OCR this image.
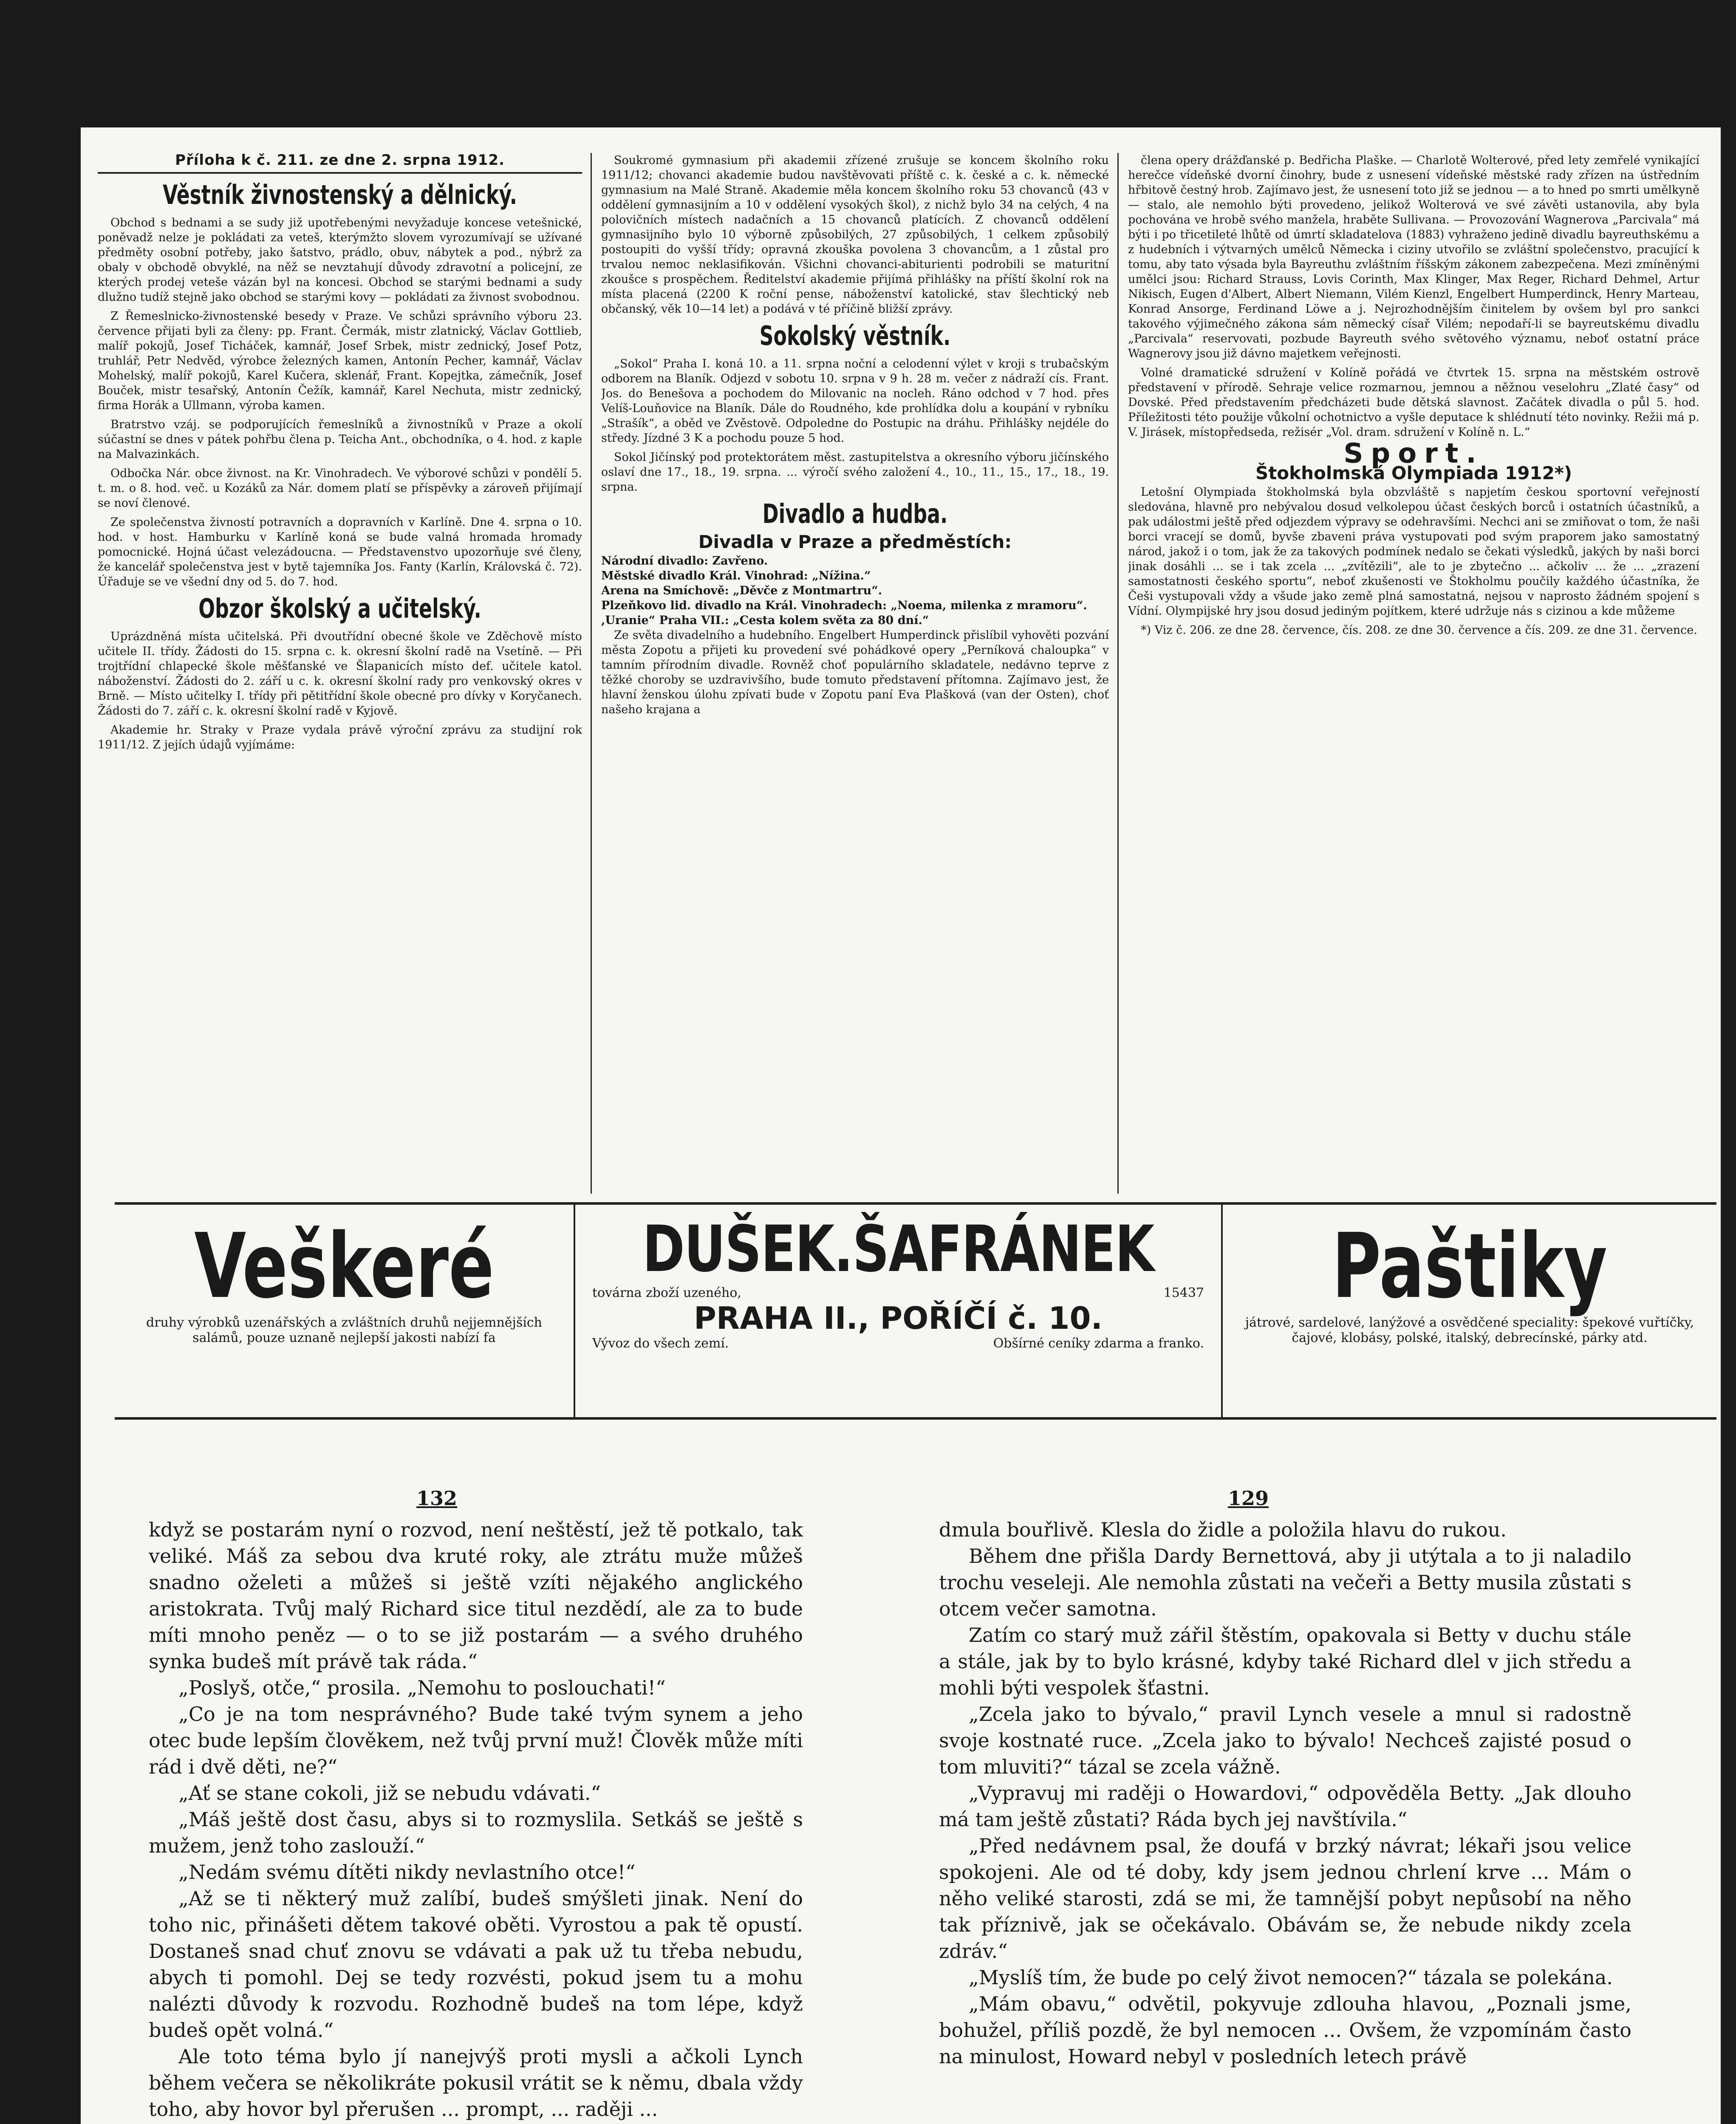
Příloha k č. 211. ze dne 2. srpna 1912.
Věstník živnostenský a dělnický.

Obchod s bednami a se sudy již upotřebenými nevyžaduje koncese vetešnické, poněvadž nelze je pokládati za veteš, kterýmžto slovem vyrozumívají se užívané předměty osobní potřeby, jako šatstvo, prádlo, obuv, nábytek a pod., nýbrž za obaly v obchodě obvyklé, na něž se nevztahují důvody zdravotní a policejní, ze kterých prodej veteše vázán byl na koncesi. Obchod se starými bednami a sudy dlužno tudíž stejně jako obchod se starými kovy — pokládati za živnost svobodnou.

Z Řemeslnicko-živnostenské besedy v Praze. Ve schůzi správního výboru 23. července přijati byli za členy: pp. Frant. Čermák, mistr zlatnický, Václav Gottlieb, malíř pokojů, Josef Ticháček, kamnář, Josef Srbek, mistr zednický, Josef Potz, truhlář, Petr Nedvěd, výrobce železných kamen, Antonín Pecher, kamnář, Václav Mohelský, malíř pokojů, Karel Kučera, sklenář, Frant. Kopejtka, zámečník, Josef Bouček, mistr tesařský, Antonín Čežík, kamnář, Karel Nechuta, mistr zednický, firma Horák a Ullmann, výroba kamen.

Bratrstvo vzáj. se podporujících řemeslníků a živnostníků v Praze a okolí súčastní se dnes v pátek pohřbu člena p. Teicha Ant., obchodníka, o 4. hod. z kaple na Malvazinkách.

Odbočka Nár. obce živnost. na Kr. Vinohradech. Ve výborové schůzi v pondělí 5. t. m. o 8. hod. več. u Kozáků za Nár. domem platí se příspěvky a zároveň přijímají se noví členové.

Ze společenstva živností potravních a dopravních v Karlíně. Dne 4. srpna o 10. hod. v host. Hamburku v Karlíně koná se bude valná hromada hromady pomocnické. Hojná účast velezádoucna. — Představenstvo upozorňuje své členy, že kancelář společenstva jest v bytě tajemníka Jos. Fanty (Karlín, Královská č. 72). Úřaduje se ve všední dny od 5. do 7. hod.

Obzor školský a učitelský.

Uprázdněná místa učitelská. Při dvoutřídní obecné škole ve Zděchově místo učitele II. třídy. Žádosti do 15. srpna c. k. okresní školní radě na Vsetíně. — Při trojtřídní chlapecké škole měšťanské ve Šlapanicích místo def. učitele katol. náboženství. Žádosti do 2. září u c. k. okresní školní rady pro venkovský okres v Brně. — Místo učitelky I. třídy při pětitřídní škole obecné pro dívky v Koryčanech. Žádosti do 7. září c. k. okresní školní radě v Kyjově.

Akademie hr. Straky v Praze vydala právě výroční zprávu za studijní rok 1911/12. Z jejích údajů vyjímáme:

Soukromé gymnasium při akademii zřízené zrušuje se koncem školního roku 1911/12; chovanci akademie budou navštěvovati příště c. k. české a c. k. německé gymnasium na Malé Straně. Akademie měla koncem školního roku 53 chovanců (43 v oddělení gymnasijním a 10 v oddělení vysokých škol), z nichž bylo 34 na celých, 4 na polovičních místech nadačních a 15 chovanců platících. Z chovanců oddělení gymnasijního bylo 10 výborně způsobilých, 27 způsobilých, 1 celkem způsobilý postoupiti do vyšší třídy; opravná zkouška povolena 3 chovancům, a 1 zůstal pro trvalou nemoc neklasifikován. Všichni chovanci-abiturienti podrobili se maturitní zkoušce s prospěchem. Ředitelství akademie přijímá přihlášky na příští školní rok na místa placená (2200 K roční pense, náboženství katolické, stav šlechtický neb občanský, věk 10—14 let) a podává v té příčině bližší zprávy.

Sokolský věstník.

„Sokol“ Praha I. koná 10. a 11. srpna noční a celodenní výlet v kroji s trubačským odborem na Blaník. Odjezd v sobotu 10. srpna v 9 h. 28 m. večer z nádraží cís. Frant. Jos. do Benešova a pochodem do Milovanic na nocleh. Ráno odchod v 7 hod. přes Velíš-Louňovice na Blaník. Dále do Roudného, kde prohlídka dolu a koupání v rybníku „Strašík“, a oběd ve Zvěstově. Odpoledne do Postupic na dráhu. Přihlášky nejdéle do středy. Jízdné 3 K a pochodu pouze 5 hod.

Sokol Jičínský pod protektorátem měst. zastupitelstva a okresního výboru jičínského oslaví dne 17., 18., 19. srpna. ... výročí svého založení 4., 10., 11., 15., 17., 18., 19. srpna.

Divadlo a hudba.
Divadla v Praze a předměstích:

Národní divadlo: Zavřeno.

Městské divadlo Král. Vinohrad: „Nížina.“

Arena na Smíchově: „Děvče z Montmartru“.

Plzeňkovo lid. divadlo na Král. Vinohradech: „Noema, milenka z mramoru“.

,Uranie“ Praha VII.: „Cesta kolem světa za 80 dní.“

Ze světa divadelního a hudebního. Engelbert Humperdinck přislíbil vyhověti pozvání města Zopotu a přijeti ku provedení své pohádkové opery „Perníková chaloupka“ v tamním přírodním divadle. Rovněž choť populárního skladatele, nedávno teprve z těžké choroby se uzdravivšího, bude tomuto představení přítomna. Zajímavo jest, že hlavní ženskou úlohu zpívati bude v Zopotu paní Eva Plašková (van der Osten), choť našeho krajana a

člena opery drážďanské p. Bedřicha Plaške. — Charlotě Wolterové, před lety zemřelé vynikající herečce vídeňské dvorní činohry, bude z usnesení vídeňské městské rady zřízen na ústředním hřbitově čestný hrob. Zajímavo jest, že usnesení toto již se jednou — a to hned po smrti umělkyně — stalo, ale nemohlo býti provedeno, jelikož Wolterová ve své závěti ustanovila, aby byla pochována ve hrobě svého manžela, hraběte Sullivana. — Provozování Wagnerova „Parcivala“ má býti i po třicetileté lhůtě od úmrtí skladatelova (1883) vyhraženo jedině divadlu bayreuthskému a z hudebních i výtvarných umělců Německa i ciziny utvořilo se zvláštní společenstvo, pracující k tomu, aby tato výsada byla Bayreuthu zvláštním říšským zákonem zabezpečena. Mezi zmíněnými umělci jsou: Richard Strauss, Lovis Corinth, Max Klinger, Max Reger, Richard Dehmel, Artur Nikisch, Eugen d'Albert, Albert Niemann, Vilém Kienzl, Engelbert Humperdinck, Henry Marteau, Konrad Ansorge, Ferdinand Löwe a j. Nejrozhodnějším činitelem by ovšem byl pro sankci takového výjimečného zákona sám německý císař Vilém; nepodaří-li se bayreutskému divadlu „Parcivala“ reservovati, pozbude Bayreuth svého světového významu, neboť ostatní práce Wagnerovy jsou již dávno majetkem veřejnosti.

Volné dramatické sdružení v Kolíně pořádá ve čtvrtek 15. srpna na městském ostrově představení v přírodě. Sehraje velice rozmarnou, jemnou a něžnou veselohru „Zlaté časy“ od Dovské. Před představením předcházeti bude dětská slavnost. Začátek divadla o půl 5. hod. Příležitosti této použije vůkolní ochotnictvo a vyšle deputace k shlédnutí této novinky. Režii má p. V. Jirásek, místopředseda, režisér „Vol. dram. sdružení v Kolíně n. L.“

Sport.
Štokholmská Olympiada 1912*)

Letošní Olympiada štokholmská byla obzvláště s napjetím českou sportovní veřejností sledována, hlavně pro nebývalou dosud velkolepou účast českých borců i ostatních účastníků, a pak událostmi ještě před odjezdem výpravy se odehravšími. Nechci ani se zmiňovat o tom, že naši borci vracejí se domů, byvše zbaveni práva vystupovati pod svým praporem jako samostatný národ, jakož i o tom, jak že za takových podmínek nedalo se čekati výsledků, jakých by naši borci jinak dosáhli ... se i tak zcela ... „zvítězili“, ale to je zbytečno ... ačkoliv ... že ... „zrazení samostatnosti českého sportu“, neboť zkušenosti ve Štokholmu poučily každého účastníka, že Češi vystupovali vždy a všude jako země plná samostatná, nejsou v naprosto žádném spojení s Vídní. Olympijské hry jsou dosud jediným pojítkem, které udržuje nás s cizinou a kde můžeme

*) Viz č. 206. ze dne 28. července, čís. 208. ze dne 30. července a čís. 209. ze dne 31. července.

Veškeré
druhy výrobků uzenářských a zvláštních druhů nejjemnějších salámů, pouze uznaně nejlepší jakosti nabízí fa
DUŠEK.ŠAFRÁNEK
továrna zboží uzeného,	15437
PRAHA II., POŘÍČÍ č. 10.
Vývoz do všech zemí.	Obšírné ceníky zdarma a franko.
Paštiky
játrové, sardelové, lanýžové a osvědčené speciality: špekové vuřtíčky, čajové, klobásy, polské, italský, debrecínské, párky atd.
132	129

když se postarám nyní o rozvod, není neštěstí, jež tě potkalo, tak veliké. Máš za sebou dva kruté roky, ale ztrátu muže můžeš snadno oželeti a můžeš si ještě vzíti nějakého anglického aristokrata. Tvůj malý Richard sice titul nezdědí, ale za to bude míti mnoho peněz — o to se již postarám — a svého druhého synka budeš mít právě tak ráda.“

„Poslyš, otče,“ prosila. „Nemohu to poslouchati!“

„Co je na tom nesprávného? Bude také tvým synem a jeho otec bude lepším člověkem, než tvůj první muž! Člověk může míti rád i dvě děti, ne?“

„Ať se stane cokoli, již se nebudu vdávati.“

„Máš ještě dost času, abys si to rozmyslila. Setkáš se ještě s mužem, jenž toho zaslouží.“

„Nedám svému dítěti nikdy nevlastního otce!“

„Až se ti některý muž zalíbí, budeš smýšleti jinak. Není do toho nic, přinášeti dětem takové oběti. Vyrostou a pak tě opustí. Dostaneš snad chuť znovu se vdávati a pak už tu třeba nebudu, abych ti pomohl. Dej se tedy rozvésti, pokud jsem tu a mohu nalézti důvody k rozvodu. Rozhodně budeš na tom lépe, když budeš opět volná.“

Ale toto téma bylo jí nanejvýš proti mysli a ačkoli Lynch během večera se několikráte pokusil vrátit se k němu, dbala vždy toho, aby hovor byl přerušen ... prompt, ... raději ...

dmula bouřlivě. Klesla do židle a položila hlavu do rukou.

Během dne přišla Dardy Bernettová, aby ji utýtala a to ji naladilo trochu veseleji. Ale nemohla zůstati na večeři a Betty musila zůstati s otcem večer samotna.

Zatím co starý muž zářil štěstím, opakovala si Betty v duchu stále a stále, jak by to bylo krásné, kdyby také Richard dlel v jich středu a mohli býti vespolek šťastni.

„Zcela jako to bývalo,“ pravil Lynch vesele a mnul si radostně svoje kostnaté ruce. „Zcela jako to bývalo! Nechceš zajisté posud o tom mluviti?“ tázal se zcela vážně.

„Vypravuj mi raději o Howardovi,“ odpověděla Betty. „Jak dlouho má tam ještě zůstati? Ráda bych jej navštívila.“

„Před nedávnem psal, že doufá v brzký návrat; lékaři jsou velice spokojeni. Ale od té doby, kdy jsem jednou chrlení krve ... Mám o něho veliké starosti, zdá se mi, že tamnější pobyt nepůsobí na něho tak příznivě, jak se očekávalo. Obávám se, že nebude nikdy zcela zdráv.“

„Myslíš tím, že bude po celý život nemocen?“ tázala se polekána.

„Mám obavu,“ odvětil, pokyvuje zdlouha hlavou, „Poznali jsme, bohužel, příliš pozdě, že byl nemocen ... Ovšem, že vzpomínám často na minulost, Howard nebyl v posledních letech právě
